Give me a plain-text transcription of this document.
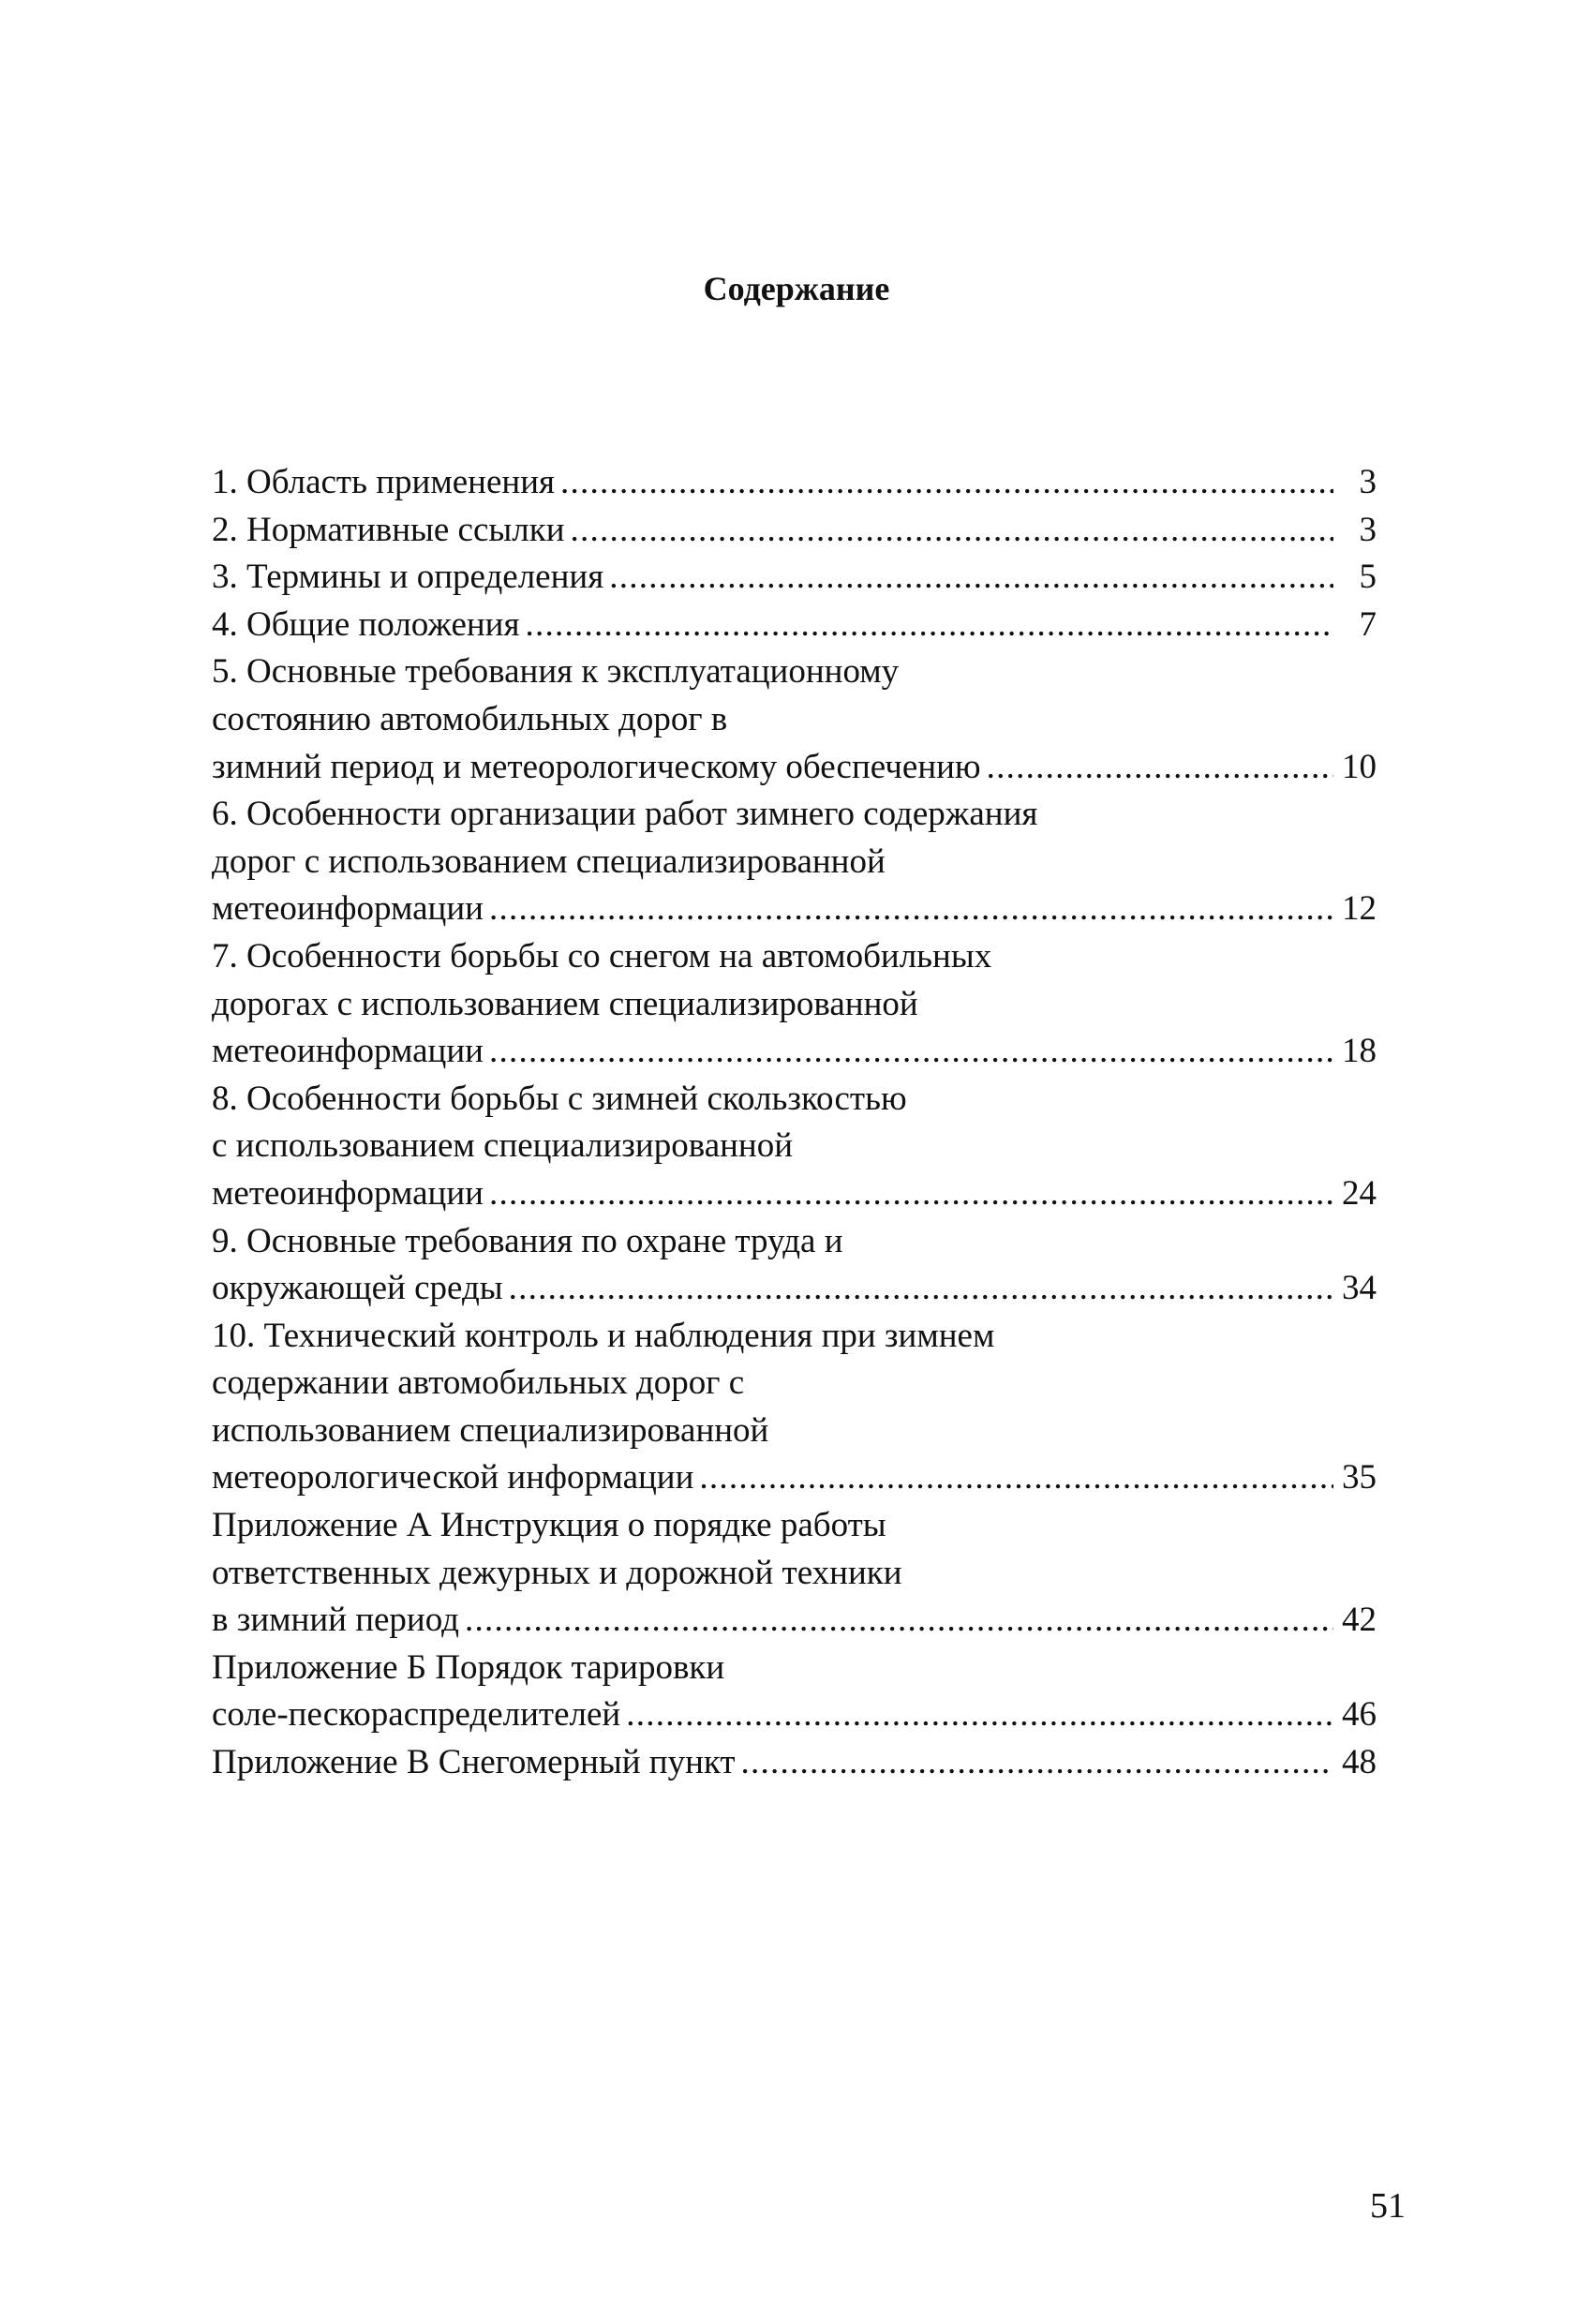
Содержание
1. Область применения . . .	3
2. Нормативные ссылки . . .	3
3. Термины и определения . . .	5
4. Общие положения . . .	7
5. Основные требования к эксплуатационному
состоянию автомобильных дорог в
зимний период и метеорологическому обеспечению . . .	10
6. Особенности организации работ зимнего содержания
дорог с использованием специализированной
метеоинформации . . .	12
7. Особенности борьбы со снегом на автомобильных
дорогах с использованием специализированной
метеоинформации . . .	18
8. Особенности борьбы с зимней скользкостью
с использованием специализированной
метеоинформации . . .	24
9. Основные требования по охране труда и
окружающей среды . . .	34
10. Технический контроль и наблюдения при зимнем
содержании автомобильных дорог с
использованием специализированной
метеорологической информации . . .	35
Приложение А Инструкция о порядке работы
ответственных дежурных и дорожной техники
в зимний период . . .	42
Приложение Б Порядок тарировки
соле-пескораспределителей . . .	46
Приложение В Снегомерный пункт . . .	48
51
